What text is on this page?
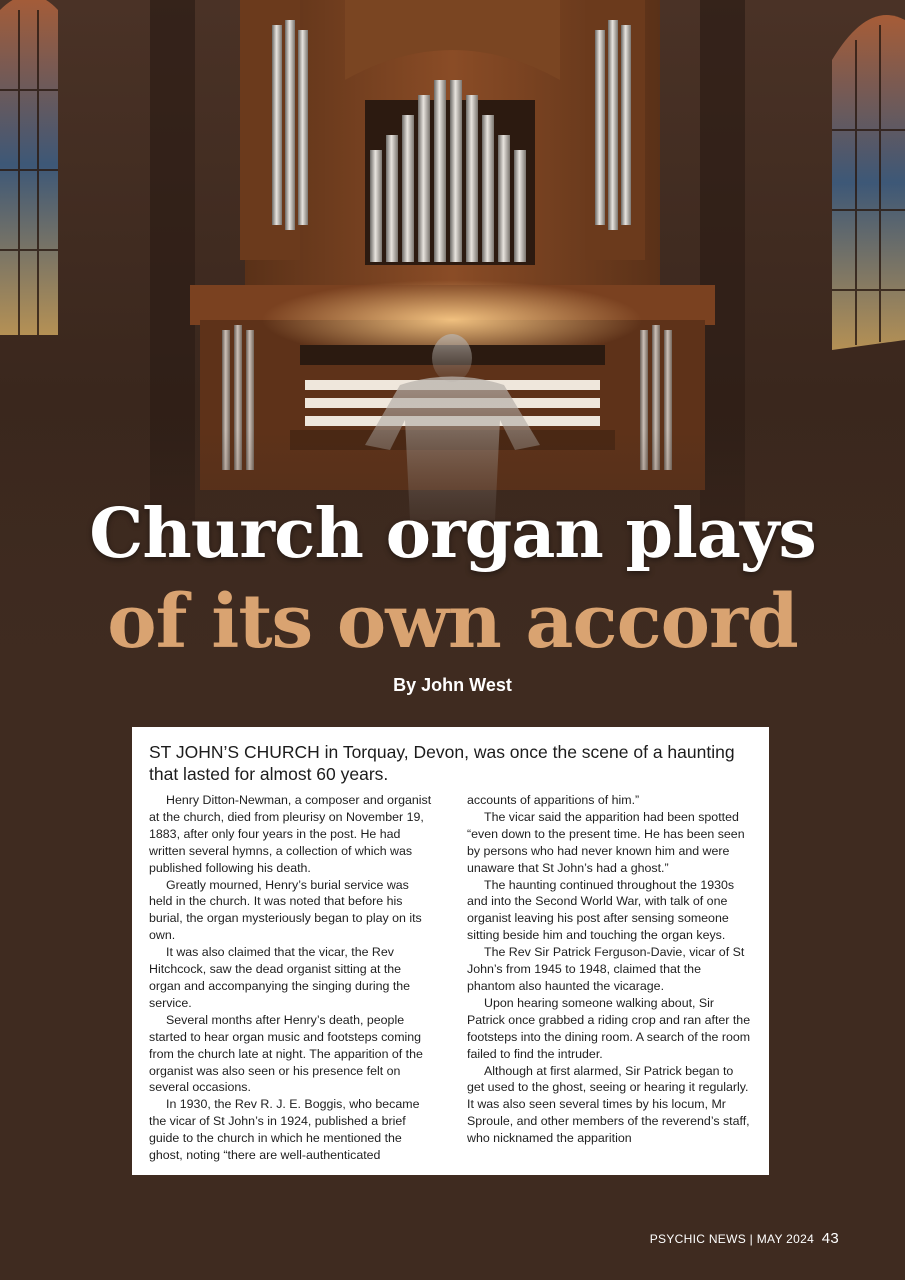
Church organ plays
of its own accord
By John West

ST JOHN’S CHURCH in Torquay, Devon, was once the scene of a haunting that lasted for almost 60 years.

Henry Ditton-Newman, a composer and organist at the church, died from pleurisy on November 19, 1883, after only four years in the post. He had written several hymns, a collection of which was published following his death.

Greatly mourned, Henry’s burial service was held in the church. It was noted that before his burial, the organ mysteriously began to play on its own.

It was also claimed that the vicar, the Rev Hitchcock, saw the dead organist sitting at the organ and accompanying the singing during the service.

Several months after Henry’s death, people started to hear organ music and footsteps coming from the church late at night. The apparition of the organist was also seen or his presence felt on several occasions.

In 1930, the Rev R. J. E. Boggis, who became the vicar of St John’s in 1924, published a brief guide to the church in which he mentioned the ghost, noting “there are well-authenticated

accounts of apparitions of him.”

The vicar said the apparition had been spotted “even down to the present time. He has been seen by persons who had never known him and were unaware that St John’s had a ghost.”

The haunting continued throughout the 1930s and into the Second World War, with talk of one organist leaving his post after sensing someone sitting beside him and touching the organ keys.

The Rev Sir Patrick Ferguson-Davie, vicar of St John’s from 1945 to 1948, claimed that the phantom also haunted the vicarage.

Upon hearing someone walking about, Sir Patrick once grabbed a riding crop and ran after the footsteps into the dining room. A search of the room failed to find the intruder.

Although at first alarmed, Sir Patrick began to get used to the ghost, seeing or hearing it regularly. It was also seen several times by his locum, Mr Sproule, and other members of the reverend’s staff, who nicknamed the apparition

PSYCHIC NEWS | MAY 2024 43
